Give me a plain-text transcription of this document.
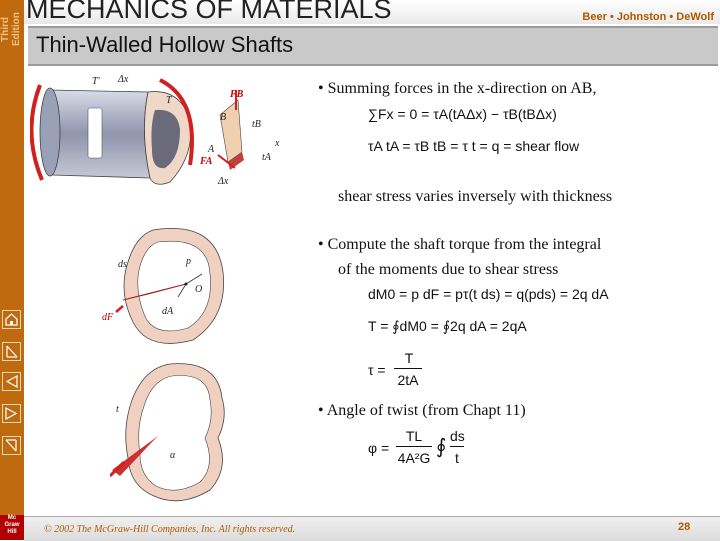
Third Edition
Mc
Graw
Hill
MECHANICS OF MATERIALS	Beer • Johnston • DeWolf
Thin-Walled Hollow Shafts
T' Δx
T
FB
B
tB
A
x
FA	tA
Δx
ds	p
O
dA
dF
t
α
• Summing forces in the x-direction on AB,
∑Fx = 0 = τA(tAΔx) − τB(tBΔx)
τA tA = τB tB = τ t = q = shear flow
shear stress varies inversely with thickness
• Compute the shaft torque from the integral
of the moments due to shear stress
dM0 = p dF = pτ(t ds) = q(pds) = 2q dA
T = ∮dM0 = ∮2q dA = 2qA
τ =
T
2tA
• Angle of twist (from Chapt 11)
φ =
TL
4A²G ∮ ds
t
© 2002 The McGraw-Hill Companies, Inc. All rights reserved.	28
